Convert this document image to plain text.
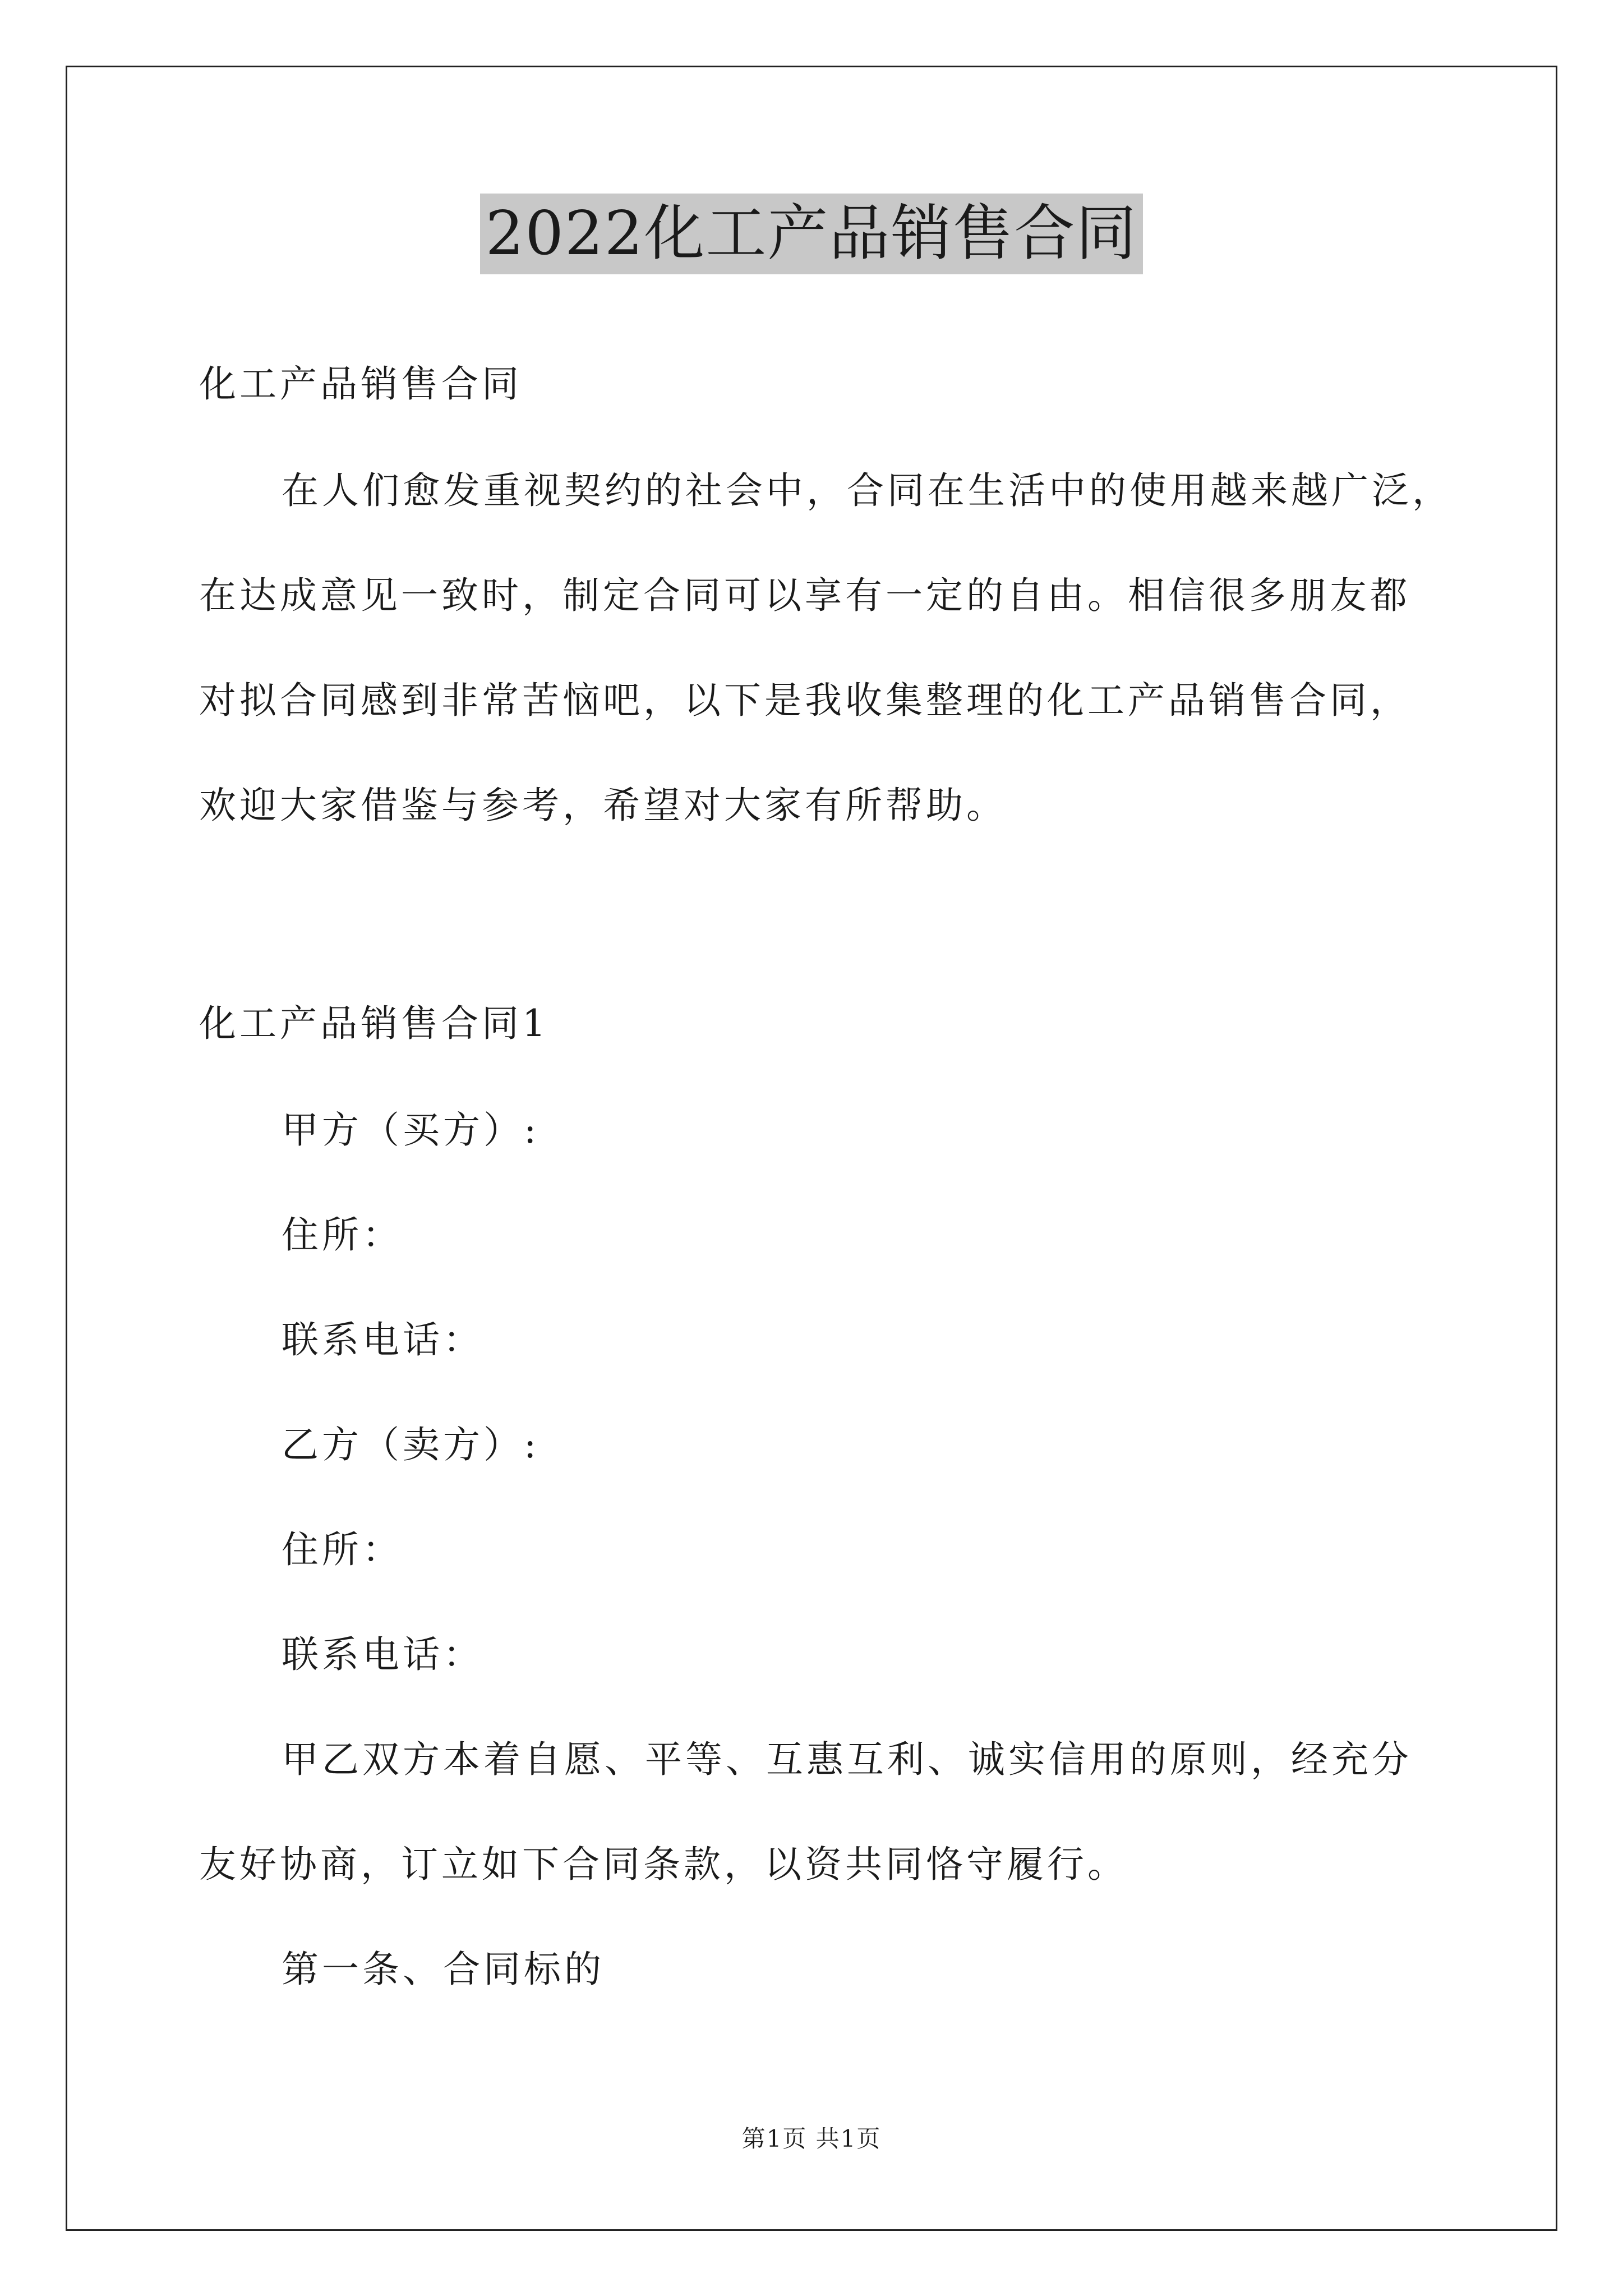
2022化工产品销售合同
化工产品销售合同
在人们愈发重视契约的社会中，合同在生活中的使用越来越广泛，
在达成意见一致时，制定合同可以享有一定的自由。相信很多朋友都
对拟合同感到非常苦恼吧，以下是我收集整理的化工产品销售合同，
欢迎大家借鉴与参考，希望对大家有所帮助。
化工产品销售合同1
甲方（买方）:
住所：
联系电话：
乙方（卖方）:
住所：
联系电话：
甲乙双方本着自愿、平等、互惠互利、诚实信用的原则，经充分
友好协商，订立如下合同条款，以资共同恪守履行。
第一条、合同标的
第1页 共1页
